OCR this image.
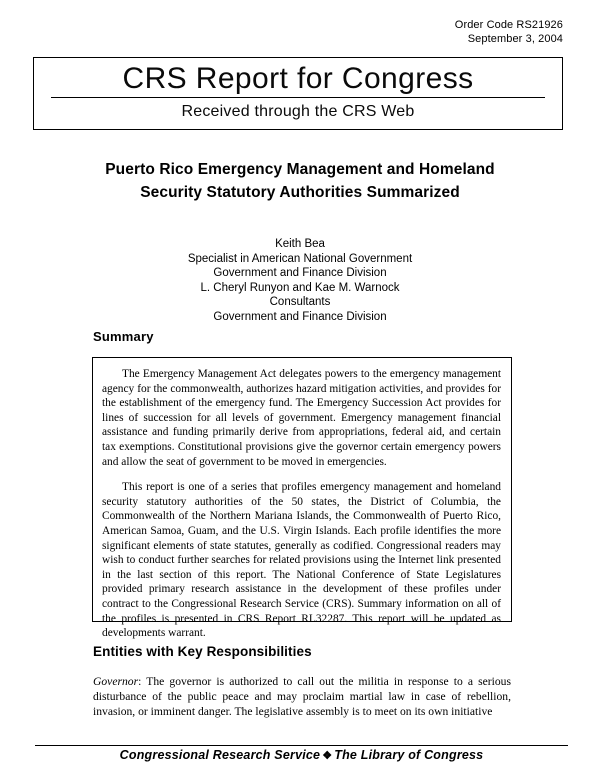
Order Code RS21926
September 3, 2004
CRS Report for Congress
Received through the CRS Web
Puerto Rico Emergency Management and Homeland Security Statutory Authorities Summarized
Keith Bea
Specialist in American National Government
Government and Finance Division
L. Cheryl Runyon and Kae M. Warnock
Consultants
Government and Finance Division
Summary

The Emergency Management Act delegates powers to the emergency management agency for the commonwealth, authorizes hazard mitigation activities, and provides for the establishment of the emergency fund. The Emergency Succession Act provides for lines of succession for all levels of government. Emergency management financial assistance and funding primarily derive from appropriations, federal aid, and certain tax exemptions. Constitutional provisions give the governor certain emergency powers and allow the seat of government to be moved in emergencies.

This report is one of a series that profiles emergency management and homeland security statutory authorities of the 50 states, the District of Columbia, the Commonwealth of the Northern Mariana Islands, the Commonwealth of Puerto Rico, American Samoa, Guam, and the U.S. Virgin Islands. Each profile identifies the more significant elements of state statutes, generally as codified. Congressional readers may wish to conduct further searches for related provisions using the Internet link presented in the last section of this report. The National Conference of State Legislatures provided primary research assistance in the development of these profiles under contract to the Congressional Research Service (CRS). Summary information on all of the profiles is presented in CRS Report RL32287. This report will be updated as developments warrant.

Entities with Key Responsibilities
Governor: The governor is authorized to call out the militia in response to a serious disturbance of the public peace and may proclaim martial law in case of rebellion, invasion, or imminent danger. The legislative assembly is to meet on its own initiative
Congressional Research Service ❖ The Library of Congress
